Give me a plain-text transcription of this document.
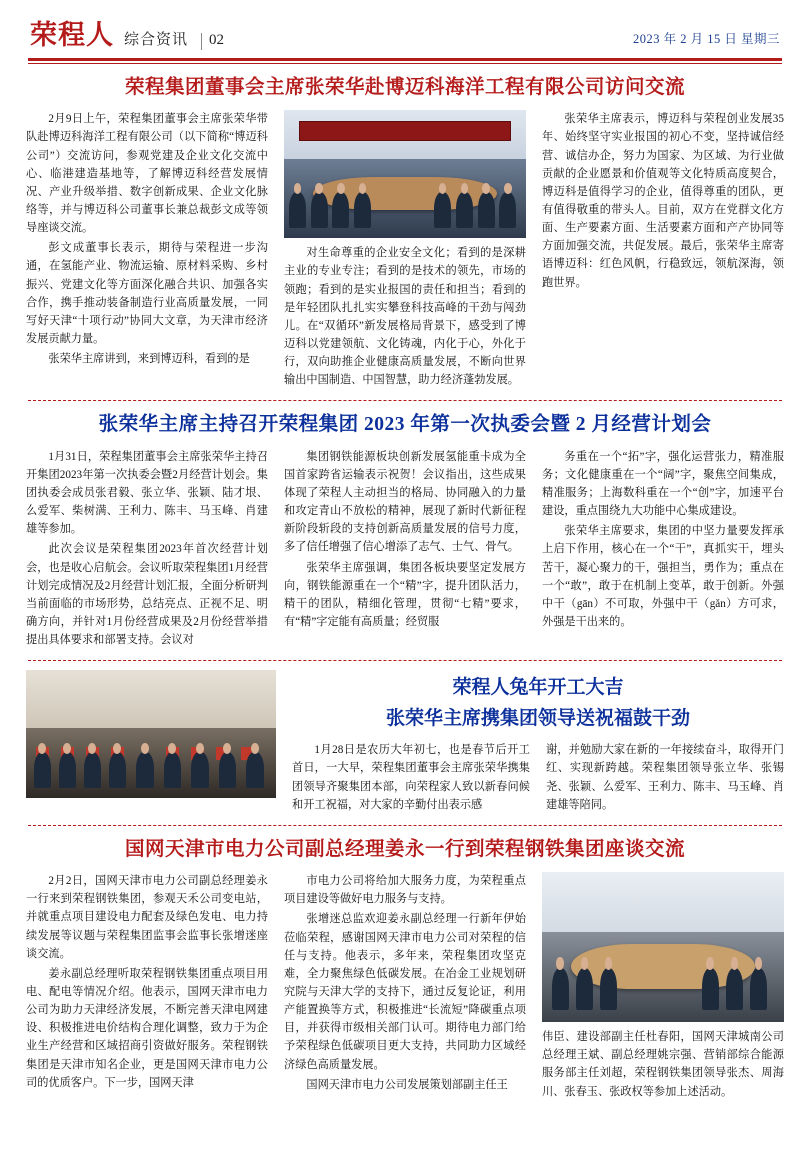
荣程人 综合资讯	02	2023 年 2 月 15 日 星期三
荣程集团董事会主席张荣华赴博迈科海洋工程有限公司访问交流

2月9日上午，荣程集团董事会主席张荣华带队赴博迈科海洋工程有限公司（以下简称“博迈科公司”）交流访问，参观党建及企业文化交流中心、临港建造基地等，了解博迈科经营发展情况、产业升级举措、数字创新成果、企业文化脉络等，并与博迈科公司董事长兼总裁彭文成等领导座谈交流。

彭文成董事长表示，期待与荣程进一步沟通，在氢能产业、物流运输、原材料采购、乡村振兴、党建文化等方面深化融合共识、加强各实合作，携手推动装备制造行业高质量发展，一同写好天津“十项行动”协同大文章，为天津市经济发展贡献力量。

张荣华主席讲到，来到博迈科，看到的是

对生命尊重的企业安全文化；看到的是深耕主业的专业专注；看到的是技术的领先，市场的领跑；看到的是实业报国的责任和担当；看到的是年轻团队扎扎实实攀登科技高峰的干劲与闯劲儿。在“双循环”新发展格局背景下，感受到了博迈科以党建领航、文化铸魂，内化于心，外化于行，双向助推企业健康高质量发展，不断向世界输出中国制造、中国智慧，助力经济蓬勃发展。

张荣华主席表示，博迈科与荣程创业发展35年、始终坚守实业报国的初心不变，坚持诚信经营、诚信办企，努力为国家、为区域、为行业做贡献的企业愿景和价值观等文化特质高度契合，博迈科是值得学习的企业，值得尊重的团队，更有值得敬重的带头人。目前，双方在党群文化方面、生产要素方面、生活要素方面和产产协同等方面加强交流，共促发展。最后，张荣华主席寄语博迈科：红色风帆，行稳致远，领航深海，领跑世界。

张荣华主席主持召开荣程集团 2023 年第一次执委会暨 2 月经营计划会

1月31日，荣程集团董事会主席张荣华主持召开集团2023年第一次执委会暨2月经营计划会。集团执委会成员张君毅、张立华、张颖、陆才垠、么爱军、柴树满、王利力、陈丰、马玉峰、肖建雄等参加。

此次会议是荣程集团2023年首次经营计划会，也是收心启航会。会议听取荣程集团1月经营计划完成情况及2月经营计划汇报，全面分析研判当前面临的市场形势，总结亮点、正视不足、明确方向，并针对1月份经营成果及2月份经营举措提出具体要求和部署支持。会议对

集团钢铁能源板块创新发展氢能重卡成为全国首家跨省运输表示祝贺！会议指出，这些成果体现了荣程人主动担当的格局、协同融入的力量和攻定青山不放松的精神，展现了新时代新征程新阶段斩段的支持创新高质量发展的信号力度，多了信任增强了信心增添了志气、士气、骨气。

张荣华主席强调，集团各板块要坚定发展方向，钢铁能源重在一个“精”字，提升团队活力，精干的团队，精细化管理，贯彻“七精”要求，有“精”字定能有高质量；经贸服

务重在一个“拓”字，强化运营张力，精准服务；文化健康重在一个“阔”字，聚焦空间集成，精准服务；上海数科重在一个“创”字，加速平台建设，重点围绕九大功能中心集成建设。

张荣华主席要求，集团的中坚力量要发挥承上启下作用，核心在一个“干”，真抓实干，埋头苦干，凝心聚力的干，强担当，勇作为；重点在一个“敢”，敢于在机制上变革，敢于创新。外强中干（gān）不可取，外强中干（gǎn）方可求，外强是干出来的。

荣程人兔年开工大吉
张荣华主席携集团领导送祝福鼓干劲

1月28日是农历大年初七，也是春节后开工首日，一大早，荣程集团董事会主席张荣华携集团领导齐聚集团本部，向荣程家人致以新春问候和开工祝福，对大家的辛勤付出表示感

谢，并勉励大家在新的一年接续奋斗，取得开门红、实现新跨越。荣程集团领导张立华、张锡尧、张颖、么爱军、王利力、陈丰、马玉峰、肖建雄等陪同。

国网天津市电力公司副总经理姜永一行到荣程钢铁集团座谈交流

2月2日，国网天津市电力公司副总经理姜永一行来到荣程钢铁集团，参观天禾公司变电站，并就重点项目建设电力配套及绿色发电、电力持续发展等议题与荣程集团监事会监事长张增迷座谈交流。

姜永副总经理听取荣程钢铁集团重点项目用电、配电等情况介绍。他表示，国网天津市电力公司为助力天津经济发展，不断完善天津电网建设、积极推进电价结构合理化调整，致力于为企业生产经营和区域招商引资做好服务。荣程钢铁集团是天津市知名企业，更是国网天津市电力公司的优质客户。下一步，国网天津

市电力公司将给加大服务力度，为荣程重点项目建设等做好电力服务与支持。

张增迷总监欢迎姜永副总经理一行新年伊始莅临荣程，感谢国网天津市电力公司对荣程的信任与支持。他表示，多年来，荣程集团攻坚克难，全力聚焦绿色低碳发展。在冶金工业规划研究院与天津大学的支持下，通过反复论证，利用产能置换等方式，积极推进“长流短”降碳重点项目，并获得市级相关部门认可。期待电力部门给予荣程绿色低碳项目更大支持，共同助力区域经济绿色高质量发展。

国网天津市电力公司发展策划部副主任王

伟臣、建设部副主任杜春阳，国网天津城南公司总经理王斌、副总经理姚宗强、营销部综合能源服务部主任刘超，荣程钢铁集团领导张杰、周海川、张春玉、张政权等参加上述活动。
